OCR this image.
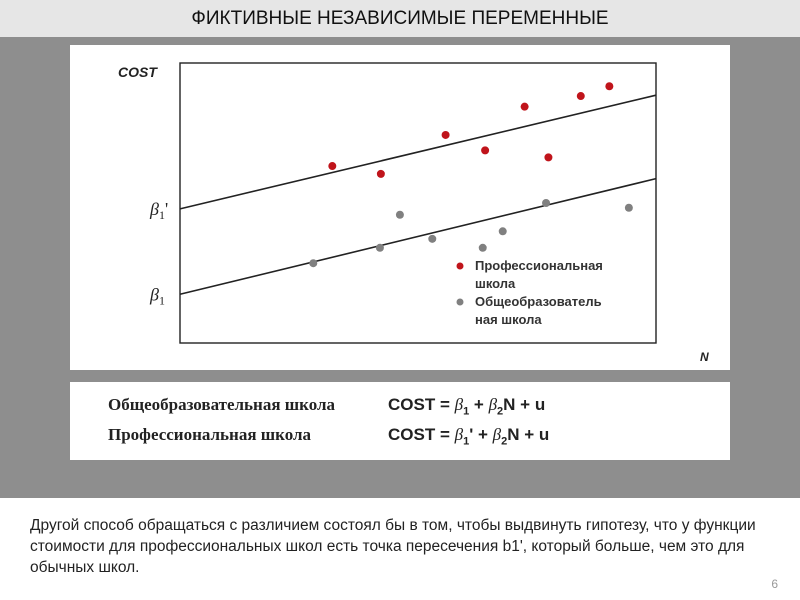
ФИКТИВНЫЕ НЕЗАВИСИМЫЕ ПЕРЕМЕННЫЕ
COST
N
$\beta_1'$
$\beta_1$
Профессиональная
школа
Общеобразователь
ная школа
Общеобразовательная школа	COST = $\beta_1 + \beta_2N + u$
Профессиональная школа	COST = $\beta_1' + \beta_2N + u$
Другой способ обращаться с различием состоял бы в том, чтобы выдвинуть гипотезу, что у функции стоимости для профессиональных школ есть точка пересечения b1', который больше, чем это для обычных школ.
6
